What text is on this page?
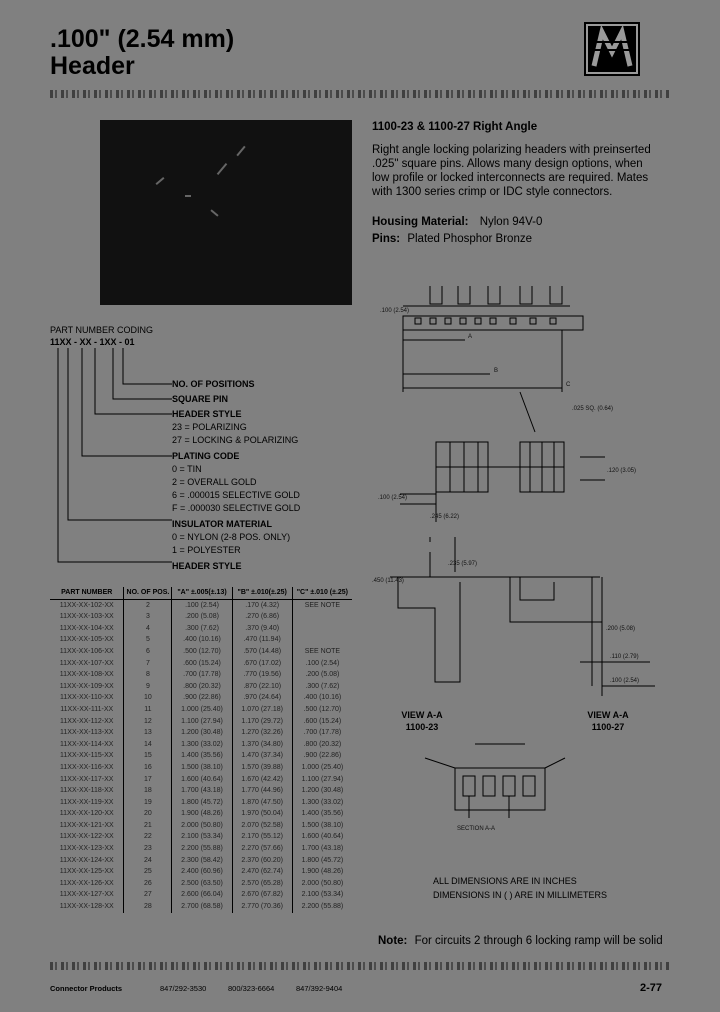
.100" (2.54 mm)
Header
1100-23 & 1100-27 Right Angle
Right angle locking polarizing headers with preinserted
.025" square pins. Allows many design options, when
low profile or locked interconnects are required. Mates
with 1300 series crimp or IDC style connectors.
Housing Material: Nylon 94V-0
Pins: Plated Phosphor Bronze
PART NUMBER CODING
11XX - XX - 1XX - 01
NO. OF POSITIONS
SQUARE PIN
HEADER STYLE
23 = POLARIZING
27 = LOCKING & POLARIZING
PLATING CODE
0 = TIN
2 = OVERALL GOLD
6 = .000015 SELECTIVE GOLD
F = .000030 SELECTIVE GOLD
INSULATOR MATERIAL
0 = NYLON (2-8 POS. ONLY)
1 = POLYESTER
HEADER STYLE
PART NUMBER	NO. OF POS.	"A" ±.005(±.13)	"B" ±.010(±.25)	"C" ±.010 (±.25)
11XX-XX-102-XX	2	.100 (2.54)	.170 (4.32)	SEE NOTE
11XX-XX-103-XX	3	.200 (5.08)	.270 (6.86)	
11XX-XX-104-XX	4	.300 (7.62)	.370 (9.40)	
11XX-XX-105-XX	5	.400 (10.16)	.470 (11.94)	
11XX-XX-106-XX	6	.500 (12.70)	.570 (14.48)	SEE NOTE
11XX-XX-107-XX	7	.600 (15.24)	.670 (17.02)	.100 (2.54)
11XX-XX-108-XX	8	.700 (17.78)	.770 (19.56)	.200 (5.08)
11XX-XX-109-XX	9	.800 (20.32)	.870 (22.10)	.300 (7.62)
11XX-XX-110-XX	10	.900 (22.86)	.970 (24.64)	.400 (10.16)
11XX-XX-111-XX	11	1.000 (25.40)	1.070 (27.18)	.500 (12.70)
11XX-XX-112-XX	12	1.100 (27.94)	1.170 (29.72)	.600 (15.24)
11XX-XX-113-XX	13	1.200 (30.48)	1.270 (32.26)	.700 (17.78)
11XX-XX-114-XX	14	1.300 (33.02)	1.370 (34.80)	.800 (20.32)
11XX-XX-115-XX	15	1.400 (35.56)	1.470 (37.34)	.900 (22.86)
11XX-XX-116-XX	16	1.500 (38.10)	1.570 (39.88)	1.000 (25.40)
11XX-XX-117-XX	17	1.600 (40.64)	1.670 (42.42)	1.100 (27.94)
11XX-XX-118-XX	18	1.700 (43.18)	1.770 (44.96)	1.200 (30.48)
11XX-XX-119-XX	19	1.800 (45.72)	1.870 (47.50)	1.300 (33.02)
11XX-XX-120-XX	20	1.900 (48.26)	1.970 (50.04)	1.400 (35.56)
11XX-XX-121-XX	21	2.000 (50.80)	2.070 (52.58)	1.500 (38.10)
11XX-XX-122-XX	22	2.100 (53.34)	2.170 (55.12)	1.600 (40.64)
11XX-XX-123-XX	23	2.200 (55.88)	2.270 (57.66)	1.700 (43.18)
11XX-XX-124-XX	24	2.300 (58.42)	2.370 (60.20)	1.800 (45.72)
11XX-XX-125-XX	25	2.400 (60.96)	2.470 (62.74)	1.900 (48.26)
11XX-XX-126-XX	26	2.500 (63.50)	2.570 (65.28)	2.000 (50.80)
11XX-XX-127-XX	27	2.600 (66.04)	2.670 (67.82)	2.100 (53.34)
11XX-XX-128-XX	28	2.700 (68.58)	2.770 (70.36)	2.200 (55.88)
.100 (2.54)
.025 SQ. (0.64)
A
B
C
.100 (2.54)
.120 (3.05)
.245 (6.22)
.235 (5.97)
.450 (11.43)
.200 (5.08)
.110 (2.79)
.100 (2.54)
VIEW A-A
1100-23
VIEW A-A
1100-27
SECTION A-A
ALL DIMENSIONS ARE IN INCHES
DIMENSIONS IN ( ) ARE IN MILLIMETERS
Note: For circuits 2 through 6 locking ramp will be solid
Connector Products	847/292-3530	800/323-6664	847/392-9404	2-77
